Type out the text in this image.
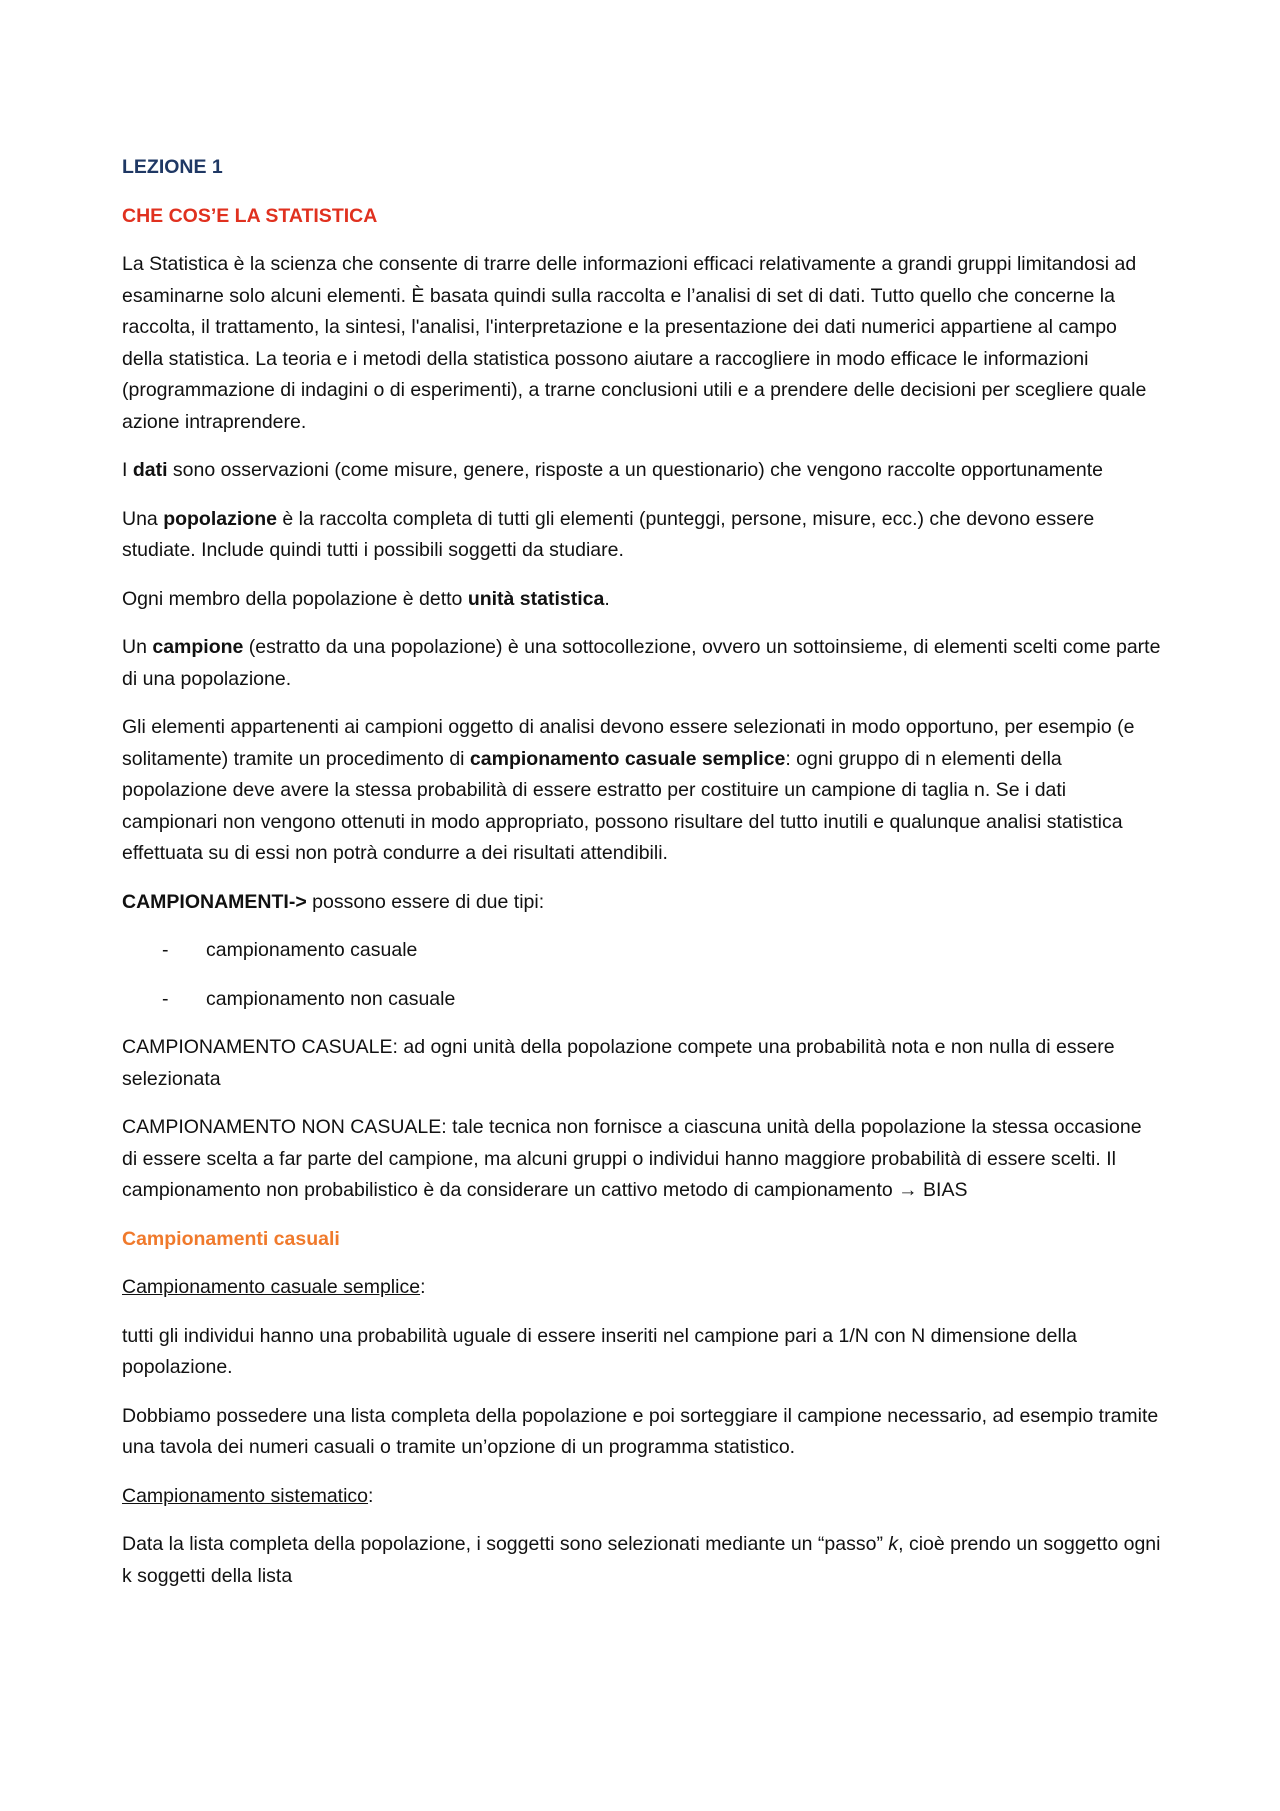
LEZIONE 1

CHE COS’E LA STATISTICA

La Statistica è la scienza che consente di trarre delle informazioni efficaci relativamente a grandi gruppi limitandosi ad esaminarne solo alcuni elementi. È basata quindi sulla raccolta e l’analisi di set di dati. Tutto quello che concerne la raccolta, il trattamento, la sintesi, l'analisi, l'interpretazione e la presentazione dei dati numerici appartiene al campo della statistica. La teoria e i metodi della statistica possono aiutare a raccogliere in modo efficace le informazioni (programmazione di indagini o di esperimenti), a trarne conclusioni utili e a prendere delle decisioni per scegliere quale azione intraprendere.

I dati sono osservazioni (come misure, genere, risposte a un questionario) che vengono raccolte opportunamente

Una popolazione è la raccolta completa di tutti gli elementi (punteggi, persone, misure, ecc.) che devono essere studiate. Include quindi tutti i possibili soggetti da studiare.

Ogni membro della popolazione è detto unità statistica.

Un campione (estratto da una popolazione) è una sottocollezione, ovvero un sottoinsieme, di elementi scelti come parte di una popolazione.

Gli elementi appartenenti ai campioni oggetto di analisi devono essere selezionati in modo opportuno, per esempio (e solitamente) tramite un procedimento di campionamento casuale semplice: ogni gruppo di n elementi della popolazione deve avere la stessa probabilità di essere estratto per costituire un campione di taglia n. Se i dati campionari non vengono ottenuti in modo appropriato, possono risultare del tutto inutili e qualunque analisi statistica effettuata su di essi non potrà condurre a dei risultati attendibili.

CAMPIONAMENTI-> possono essere di due tipi:

-	campionamento casuale
-	campionamento non casuale

CAMPIONAMENTO CASUALE: ad ogni unità della popolazione compete una probabilità nota e non nulla di essere selezionata

CAMPIONAMENTO NON CASUALE: tale tecnica non fornisce a ciascuna unità della popolazione la stessa occasione di essere scelta a far parte del campione, ma alcuni gruppi o individui hanno maggiore probabilità di essere scelti. Il campionamento non probabilistico è da considerare un cattivo metodo di campionamento → BIAS

Campionamenti casuali

Campionamento casuale semplice:

tutti gli individui hanno una probabilità uguale di essere inseriti nel campione pari a 1/N con N dimensione della popolazione.

Dobbiamo possedere una lista completa della popolazione e poi sorteggiare il campione necessario, ad esempio tramite una tavola dei numeri casuali o tramite un’opzione di un programma statistico.

Campionamento sistematico:

Data la lista completa della popolazione, i soggetti sono selezionati mediante un “passo” k, cioè prendo un soggetto ogni k soggetti della lista
